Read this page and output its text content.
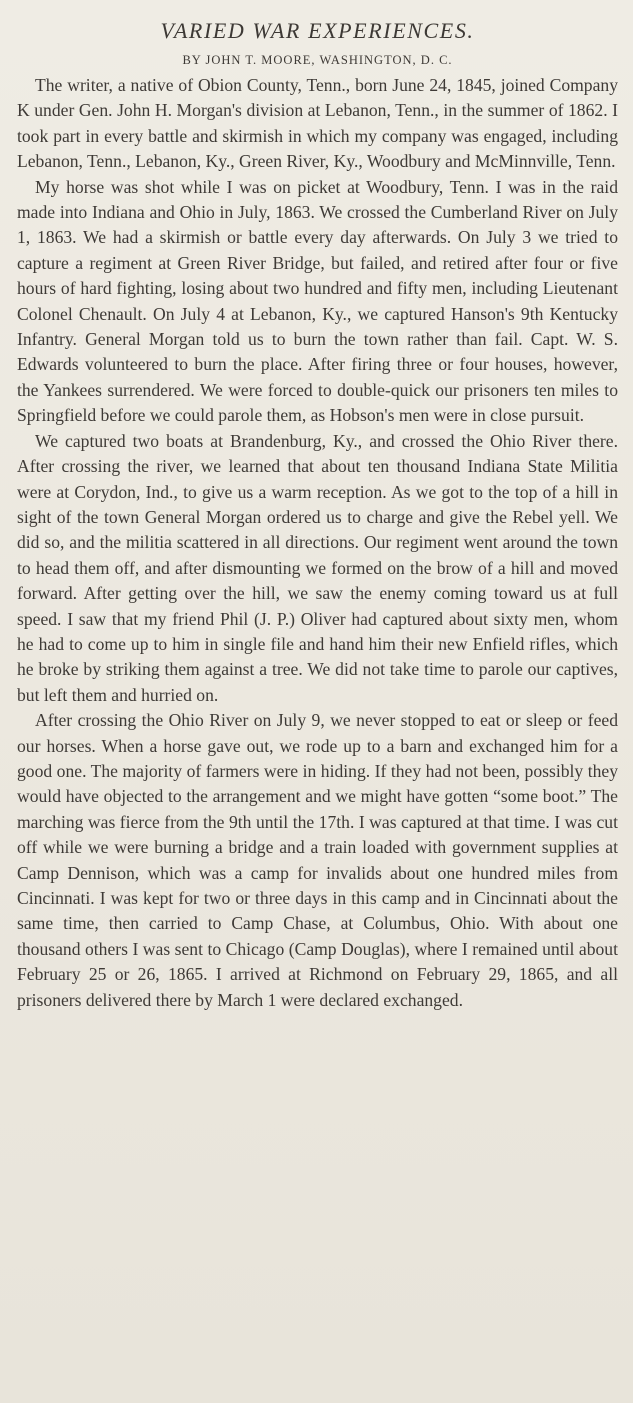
VARIED WAR EXPERIENCES.
BY JOHN T. MOORE, WASHINGTON, D. C.

The writer, a native of Obion County, Tenn., born June 24, 1845, joined Company K under Gen. John H. Morgan's division at Lebanon, Tenn., in the summer of 1862. I took part in every battle and skirmish in which my company was engaged, including Lebanon, Tenn., Lebanon, Ky., Green River, Ky., Woodbury and McMinnville, Tenn.

My horse was shot while I was on picket at Woodbury, Tenn. I was in the raid made into Indiana and Ohio in July, 1863. We crossed the Cumberland River on July 1, 1863. We had a skirmish or battle every day afterwards. On July 3 we tried to capture a regiment at Green River Bridge, but failed, and retired after four or five hours of hard fighting, losing about two hundred and fifty men, including Lieutenant Colonel Chenault. On July 4 at Lebanon, Ky., we captured Hanson's 9th Kentucky Infantry. General Morgan told us to burn the town rather than fail. Capt. W. S. Edwards volunteered to burn the place. After firing three or four houses, however, the Yankees surrendered. We were forced to double-quick our prisoners ten miles to Springfield before we could parole them, as Hobson's men were in close pursuit.

We captured two boats at Brandenburg, Ky., and crossed the Ohio River there. After crossing the river, we learned that about ten thousand Indiana State Militia were at Corydon, Ind., to give us a warm reception. As we got to the top of a hill in sight of the town General Morgan ordered us to charge and give the Rebel yell. We did so, and the militia scattered in all directions. Our regiment went around the town to head them off, and after dismounting we formed on the brow of a hill and moved forward. After getting over the hill, we saw the enemy coming toward us at full speed. I saw that my friend Phil (J. P.) Oliver had captured about sixty men, whom he had to come up to him in single file and hand him their new Enfield rifles, which he broke by striking them against a tree. We did not take time to parole our captives, but left them and hurried on.

After crossing the Ohio River on July 9, we never stopped to eat or sleep or feed our horses. When a horse gave out, we rode up to a barn and exchanged him for a good one. The majority of farmers were in hiding. If they had not been, possibly they would have objected to the arrangement and we might have gotten “some boot.” The marching was fierce from the 9th until the 17th. I was captured at that time. I was cut off while we were burning a bridge and a train loaded with government supplies at Camp Dennison, which was a camp for invalids about one hundred miles from Cincinnati. I was kept for two or three days in this camp and in Cincinnati about the same time, then carried to Camp Chase, at Columbus, Ohio. With about one thousand others I was sent to Chicago (Camp Douglas), where I remained until about February 25 or 26, 1865. I arrived at Richmond on February 29, 1865, and all prisoners delivered there by March 1 were declared exchanged.
